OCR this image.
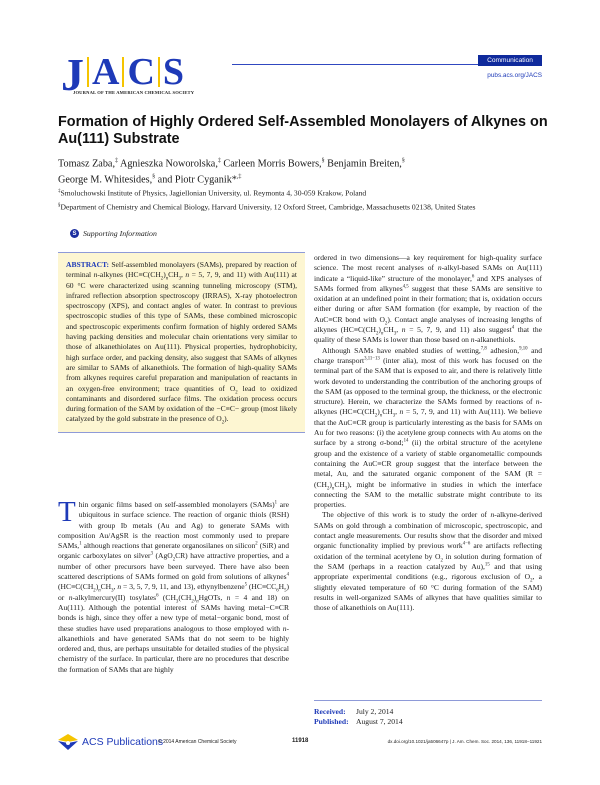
J A C S
JOURNAL OF THE AMERICAN CHEMICAL SOCIETY
Communication
pubs.acs.org/JACS
Formation of Highly Ordered Self-Assembled Monolayers of Alkynes on Au(111) Substrate
Tomasz Zaba,‡ Agnieszka Noworolska,‡ Carleen Morris Bowers,§ Benjamin Breiten,§
George M. Whitesides,§ and Piotr Cyganik*,‡

‡Smoluchowski Institute of Physics, Jagiellonian University, ul. Reymonta 4, 30-059 Krakow, Poland

§Department of Chemistry and Chemical Biology, Harvard University, 12 Oxford Street, Cambridge, Massachusetts 02138, United States

S Supporting Information
ABSTRACT: Self-assembled monolayers (SAMs), prepared by reaction of terminal n-alkynes ($HC\equiv C(CH_2)_nCH_3$, n = 5, 7, 9, and 11) with Au(111) at 60 °C were characterized using scanning tunneling microscopy (STM), infrared reflection absorption spectroscopy (IRRAS), X-ray photoelectron spectroscopy (XPS), and contact angles of water. In contrast to previous spectroscopic studies of this type of SAMs, these combined microscopic and spectroscopic experiments confirm formation of highly ordered SAMs having packing densities and molecular chain orientations very similar to those of alkanethiolates on Au(111). Physical properties, hydrophobicity, high surface order, and packing density, also suggest that SAMs of alkynes are similar to SAMs of alkanethiols. The formation of high-quality SAMs from alkynes requires careful preparation and manipulation of reactants in an oxygen-free environment; trace quantities of $O_2$ lead to oxidized contaminants and disordered surface films. The oxidation process occurs during formation of the SAM by oxidation of the −C≡C− group (most likely catalyzed by the gold substrate in the presence of $O_2$).
Thin organic films based on self-assembled monolayers (SAMs)$^1$ are ubiquitous in surface science. The reaction of organic thiols (RSH) with group Ib metals (Au and Ag) to generate SAMs with composition Au/AgSR is the reaction most commonly used to prepare SAMs,$^1$ although reactions that generate organosilanes on silicon$^2$ (SiR) and organic carboxylates on silver$^3$ (AgO$_2$CR) have attractive properties, and a number of other precursors have been surveyed. There have also been scattered descriptions of SAMs formed on gold from solutions of alkynes$^4$ ($HC\equiv C(CH_2)_nCH_3$, n = 3, 5, 7, 9, 11, and 13), ethynylbenzene$^5$ $(HC\equiv CC_6H_5)$ or n-alkylmercury(II) tosylates$^6$ ($CH_3(CH_2)_nHgOTs$, n = 4 and 18) on Au(111). Although the potential interest of SAMs having metal−C≡CR bonds is high, since they offer a new type of metal−organic bond, most of these studies have used preparations analogous to those employed with n-alkanethiols and have generated SAMs that do not seem to be highly ordered and, thus, are perhaps unsuitable for detailed studies of the physical chemistry of the surface. In particular, there are no procedures that describe the formation of SAMs that are highly

ordered in two dimensions—a key requirement for high-quality surface science. The most recent analyses of n-alkyl-based SAMs on Au(111) indicate a “liquid-like” structure of the monolayer,$^6$ and XPS analyses of SAMs formed from alkynes$^{4,5}$ suggest that these SAMs are sensitive to oxidation at an undefined point in their formation; that is, oxidation occurs either during or after SAM formation (for example, by reaction of the AuC≡CR bond with $O_2$). Contact angle analyses of increasing lengths of alkynes ($HC\equiv C(CH_2)_nCH_3$, n = 5, 7, 9, and 11) also suggest$^4$ that the quality of these SAMs is lower than those based on n-alkanethiols.

Although SAMs have enabled studies of wetting,$^{7,8}$ adhesion,$^{9,10}$ and charge transport$^{3,11-13}$ (inter alia), most of this work has focused on the terminal part of the SAM that is exposed to air, and there is relatively little work devoted to understanding the contribution of the anchoring groups of the SAM (as opposed to the terminal group, the thickness, or the electronic structure). Herein, we characterize the SAMs formed by reactions of n-alkynes ($HC\equiv C(CH_2)_nCH_3$, n = 5, 7, 9, and 11) with Au(111). We believe that the AuC≡CR group is particularly interesting as the basis for SAMs on Au for two reasons: (i) the acetylene group connects with Au atoms on the surface by a strong σ-bond;$^{14}$ (ii) the orbital structure of the acetylene group and the existence of a variety of stable organometallic compounds containing the AuC≡CR group suggest that the interface between the metal, Au, and the saturated organic component of the SAM $(R = (CH_2)_nCH_3)$, might be informative in studies in which the interface connecting the SAM to the metallic substrate might contribute to its properties.

The objective of this work is to study the order of n-alkyne-derived SAMs on gold through a combination of microscopic, spectroscopic, and contact angle measurements. Our results show that the disorder and mixed organic functionality implied by previous work$^{4-6}$ are artifacts reflecting oxidation of the terminal acetylene by $O_2$ in solution during formation of the SAM (perhaps in a reaction catalyzed by Au),$^{15}$ and that using appropriate experimental conditions (e.g., rigorous exclusion of $O_2$, a slightly elevated temperature of 60 °C during formation of the SAM) results in well-organized SAMs of alkynes that have qualities similar to those of alkanethiols on Au(111).

Received: July 2, 2014
Published: August 7, 2014
ACS Publications
© 2014 American Chemical Society	11918	dx.doi.org/10.1021/ja506647p | J. Am. Chem. Soc. 2014, 136, 11918−11921
